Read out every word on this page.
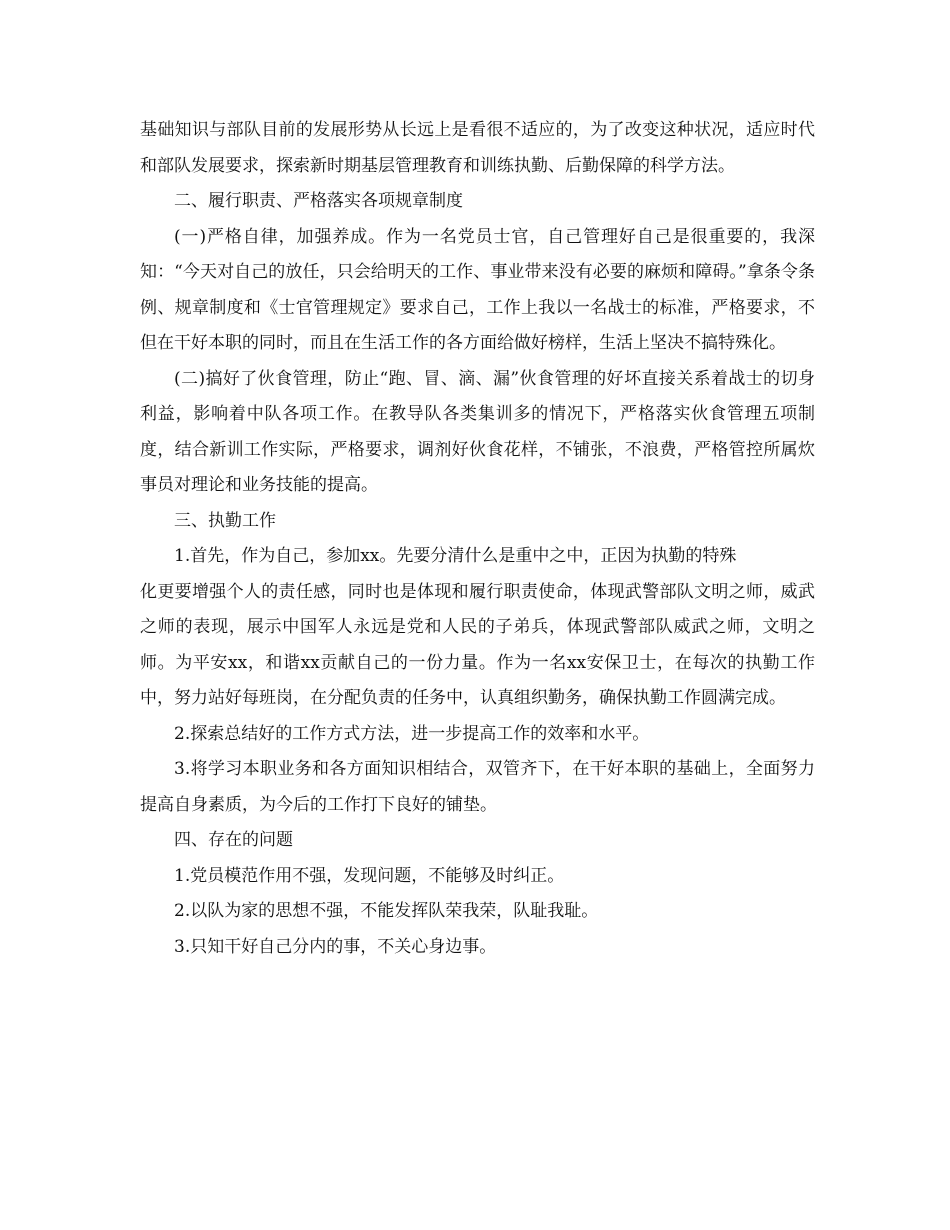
基础知识与部队目前的发展形势从长远上是看很不适应的，为了改变这种状况，适应时代和部队发展要求，探索新时期基层管理教育和训练执勤、后勤保障的科学方法。

二、履行职责、严格落实各项规章制度

(一)严格自律，加强养成。作为一名党员士官，自己管理好自己是很重要的，我深知：“今天对自己的放任，只会给明天的工作、事业带来没有必要的麻烦和障碍。”拿条令条例、规章制度和《士官管理规定》要求自己，工作上我以一名战士的标准，严格要求，不但在干好本职的同时，而且在生活工作的各方面给做好榜样，生活上坚决不搞特殊化。

(二)搞好了伙食管理，防止“跑、冒、滴、漏”伙食管理的好坏直接关系着战士的切身利益，影响着中队各项工作。在教导队各类集训多的情况下，严格落实伙食管理五项制度，结合新训工作实际，严格要求，调剂好伙食花样，不铺张，不浪费，严格管控所属炊事员对理论和业务技能的提高。

三、执勤工作

1.首先，作为自己，参加xx。先要分清什么是重中之中，正因为执勤的特殊

化更要增强个人的责任感，同时也是体现和履行职责使命，体现武警部队文明之师，威武之师的表现，展示中国军人永远是党和人民的子弟兵，体现武警部队威武之师，文明之师。为平安xx，和谐xx贡献自己的一份力量。作为一名xx安保卫士，在每次的执勤工作中，努力站好每班岗，在分配负责的任务中，认真组织勤务，确保执勤工作圆满完成。

2.探索总结好的工作方式方法，进一步提高工作的效率和水平。

3.将学习本职业务和各方面知识相结合，双管齐下，在干好本职的基础上，全面努力提高自身素质，为今后的工作打下良好的铺垫。

四、存在的问题

1.党员模范作用不强，发现问题，不能够及时纠正。

2.以队为家的思想不强，不能发挥队荣我荣，队耻我耻。

3.只知干好自己分内的事，不关心身边事。
